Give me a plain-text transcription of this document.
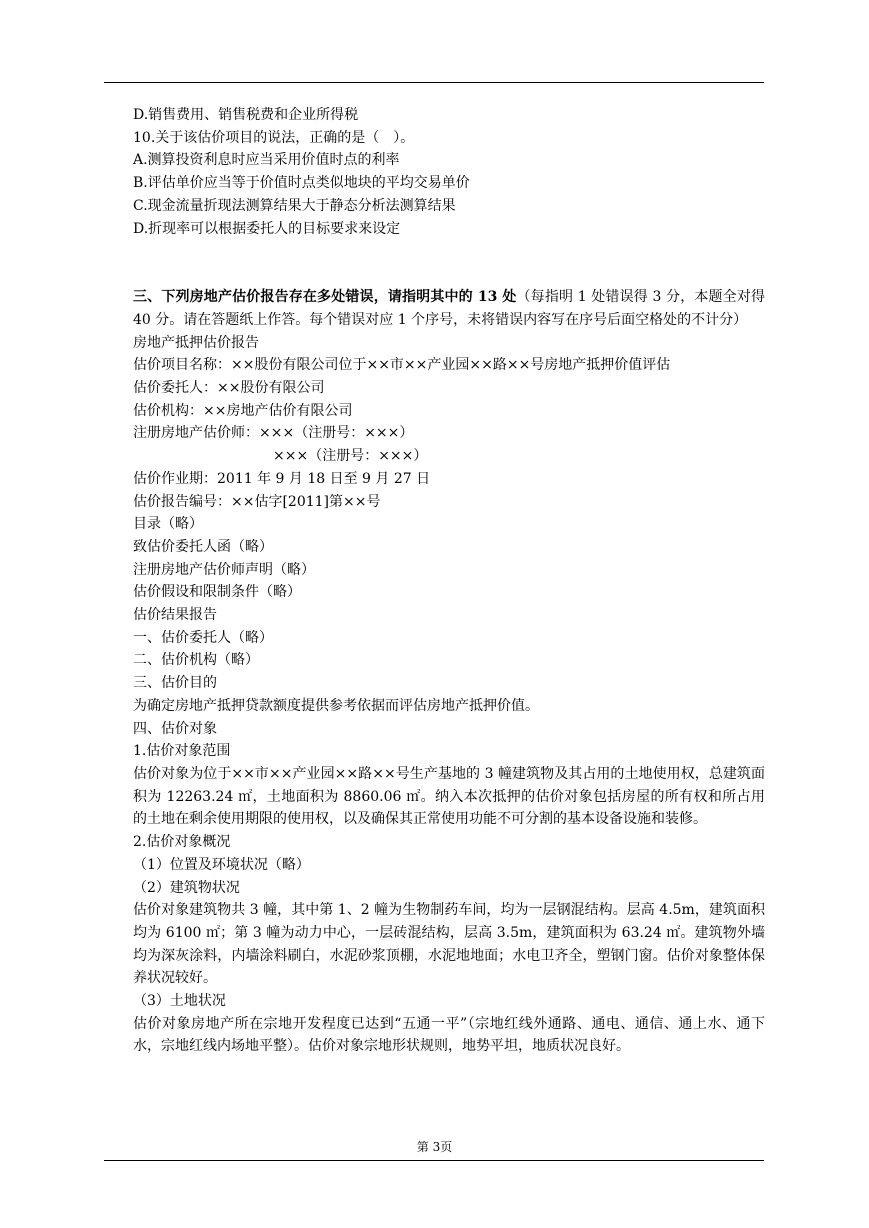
D.销售费用、销售税费和企业所得税
10.关于该估价项目的说法，正确的是（　）。
A.测算投资利息时应当采用价值时点的利率
B.评估单价应当等于价值时点类似地块的平均交易单价
C.现金流量折现法测算结果大于静态分析法测算结果
D.折现率可以根据委托人的目标要求来设定
三、下列房地产估价报告存在多处错误，请指明其中的 13 处（每指明 1 处错误得 3 分，本题全对得 40 分。请在答题纸上作答。每个错误对应 1 个序号，未将错误内容写在序号后面空格处的不计分）
房地产抵押估价报告
估价项目名称：××股份有限公司位于××市××产业园××路××号房地产抵押价值评估
估价委托人：××股份有限公司
估价机构：××房地产估价有限公司
注册房地产估价师：×××（注册号：×××）
×××（注册号：×××）
估价作业期：2011 年 9 月 18 日至 9 月 27 日
估价报告编号：××估字[2011]第××号
目录（略）
致估价委托人函（略）
注册房地产估价师声明（略）
估价假设和限制条件（略）
估价结果报告
一、估价委托人（略）
二、估价机构（略）
三、估价目的
为确定房地产抵押贷款额度提供参考依据而评估房地产抵押价值。
四、估价对象
1.估价对象范围
估价对象为位于××市××产业园××路××号生产基地的 3 幢建筑物及其占用的土地使用权，总建筑面积为 12263.24 ㎡，土地面积为 8860.06 ㎡。纳入本次抵押的估价对象包括房屋的所有权和所占用的土地在剩余使用期限的使用权，以及确保其正常使用功能不可分割的基本设备设施和装修。
2.估价对象概况
（1）位置及环境状况（略）
（2）建筑物状况
估价对象建筑物共 3 幢，其中第 1、2 幢为生物制药车间，均为一层钢混结构。层高 4.5m，建筑面积均为 6100 ㎡；第 3 幢为动力中心，一层砖混结构，层高 3.5m，建筑面积为 63.24 ㎡。建筑物外墙均为深灰涂料，内墙涂料刷白，水泥砂浆顶棚，水泥地地面；水电卫齐全，塑钢门窗。估价对象整体保养状况较好。
（3）土地状况
估价对象房地产所在宗地开发程度已达到“五通一平”（宗地红线外通路、通电、通信、通上水、通下水，宗地红线内场地平整）。估价对象宗地形状规则，地势平坦，地质状况良好。
第 3页
